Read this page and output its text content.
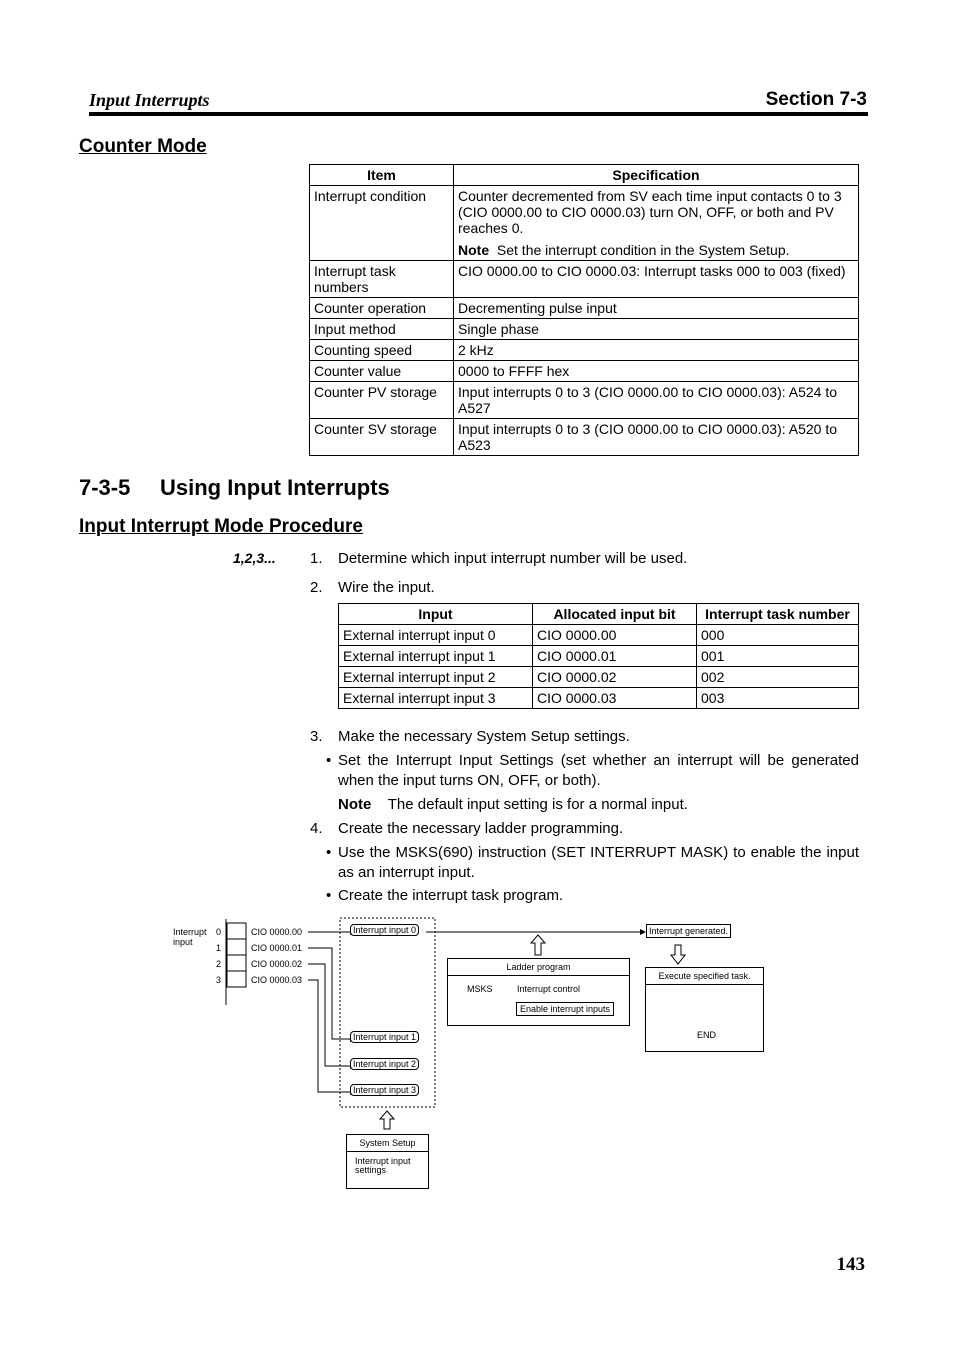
Input Interrupts	Section 7-3
Counter Mode
Item	Specification
Interrupt condition	Counter decremented from SV each time input contacts 0 to 3 (CIO 0000.00 to CIO 0000.03) turn ON, OFF, or both and PV reaches 0.
Note Set the interrupt condition in the System Setup.

Interrupt task numbers	CIO 0000.00 to CIO 0000.03: Interrupt tasks 000 to 003 (fixed)
Counter operation	Decrementing pulse input
Input method	Single phase
Counting speed	2 kHz
Counter value	0000 to FFFF hex
Counter PV storage	Input interrupts 0 to 3 (CIO 0000.00 to CIO 0000.03): A524 to A527
Counter SV storage	Input interrupts 0 to 3 (CIO 0000.00 to CIO 0000.03): A520 to A523
7-3-5 Using Input Interrupts
Input Interrupt Mode Procedure
1,2,3... 1. Determine which input interrupt number will be used.
2. Wire the input.
Input	Allocated input bit	Interrupt task number
External interrupt input 0	CIO 0000.00	000
External interrupt input 1	CIO 0000.01	001
External interrupt input 2	CIO 0000.02	002
External interrupt input 3	CIO 0000.03	003
3. Make the necessary System Setup settings.
• Set the Interrupt Input Settings (set whether an interrupt will be generated when the input turns ON, OFF, or both).
Note The default input setting is for a normal input.
4. Create the necessary ladder programming.
• Use the MSKS(690) instruction (SET INTERRUPT MASK) to enable the input as an interrupt input.
• Create the interrupt task program.
Interrupt input
0
1
2
3
CIO 0000.00
CIO 0000.01
CIO 0000.02
CIO 0000.03
Interrupt input 0
Interrupt input 1
Interrupt input 2
Interrupt input 3
Interrupt generated.
Ladder program
MSKS	Interrupt control
Enable interrupt inputs
Execute specified task.
END
System Setup
Interrupt input settings
143
